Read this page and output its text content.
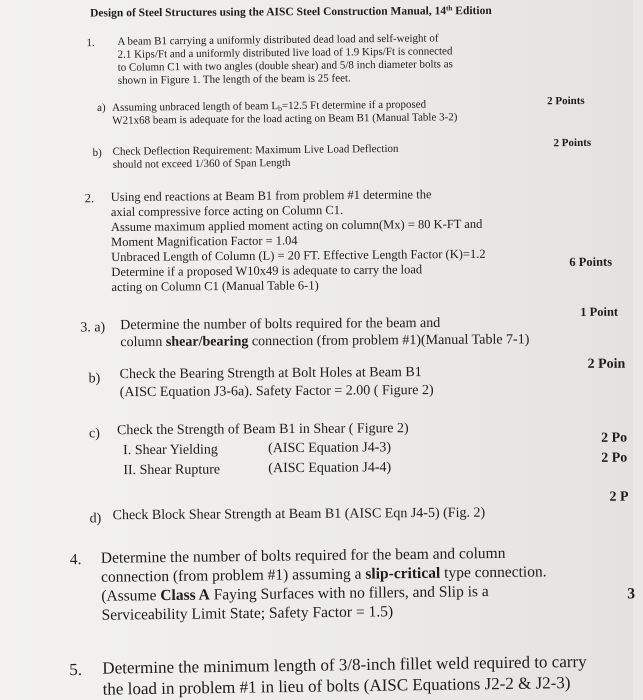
Design of Steel Structures using the AISC Steel Construction Manual, 14th Edition
1. A beam B1 carrying a uniformly distributed dead load and self-weight of
2.1 Kips/Ft and a uniformly distributed live load of 1.9 Kips/Ft is connected
to Column C1 with two angles (double shear) and 5/8 inch diameter bolts as
shown in Figure 1. The length of the beam is 25 feet.
a) Assuming unbraced length of beam $L_b=12.5$ Ft determine if a proposed
W21x68 beam is adequate for the load acting on Beam B1 (Manual Table 3-2)
2 Points
b) Check Deflection Requirement: Maximum Live Load Deflection
should not exceed 1/360 of Span Length
2 Points
2. Using end reactions at Beam B1 from problem #1 determine the
axial compressive force acting on Column C1.
Assume maximum applied moment acting on column(Mx) = 80 K-FT and
Moment Magnification Factor = 1.04
Unbraced Length of Column (L) = 20 FT. Effective Length Factor (K)=1.2
Determine if a proposed W10x49 is adequate to carry the load
acting on Column C1 (Manual Table 6-1)
6 Points
3. a) Determine the number of bolts required for the beam and
column shear/bearing connection (from problem #1)(Manual Table 7-1)
1 Point
b) Check the Bearing Strength at Bolt Holes at Beam B1
(AISC Equation J3-6a). Safety Factor = 2.00 ( Figure 2)
2 Poin
c) Check the Strength of Beam B1 in Shear ( Figure 2)
I. Shear Yielding	(AISC Equation J4-3)
II. Shear Rupture	(AISC Equation J4-4)
2 Po
2 Po
d) Check Block Shear Strength at Beam B1 (AISC Eqn J4-5) (Fig. 2)
2 P
4. Determine the number of bolts required for the beam and column
connection (from problem #1) assuming a slip-critical type connection.
(Assume Class A Faying Surfaces with no fillers, and Slip is a
Serviceability Limit State; Safety Factor = 1.5)
3
5. Determine the minimum length of 3/8-inch fillet weld required to carry
the load in problem #1 in lieu of bolts (AISC Equations J2-2 & J2-3)
